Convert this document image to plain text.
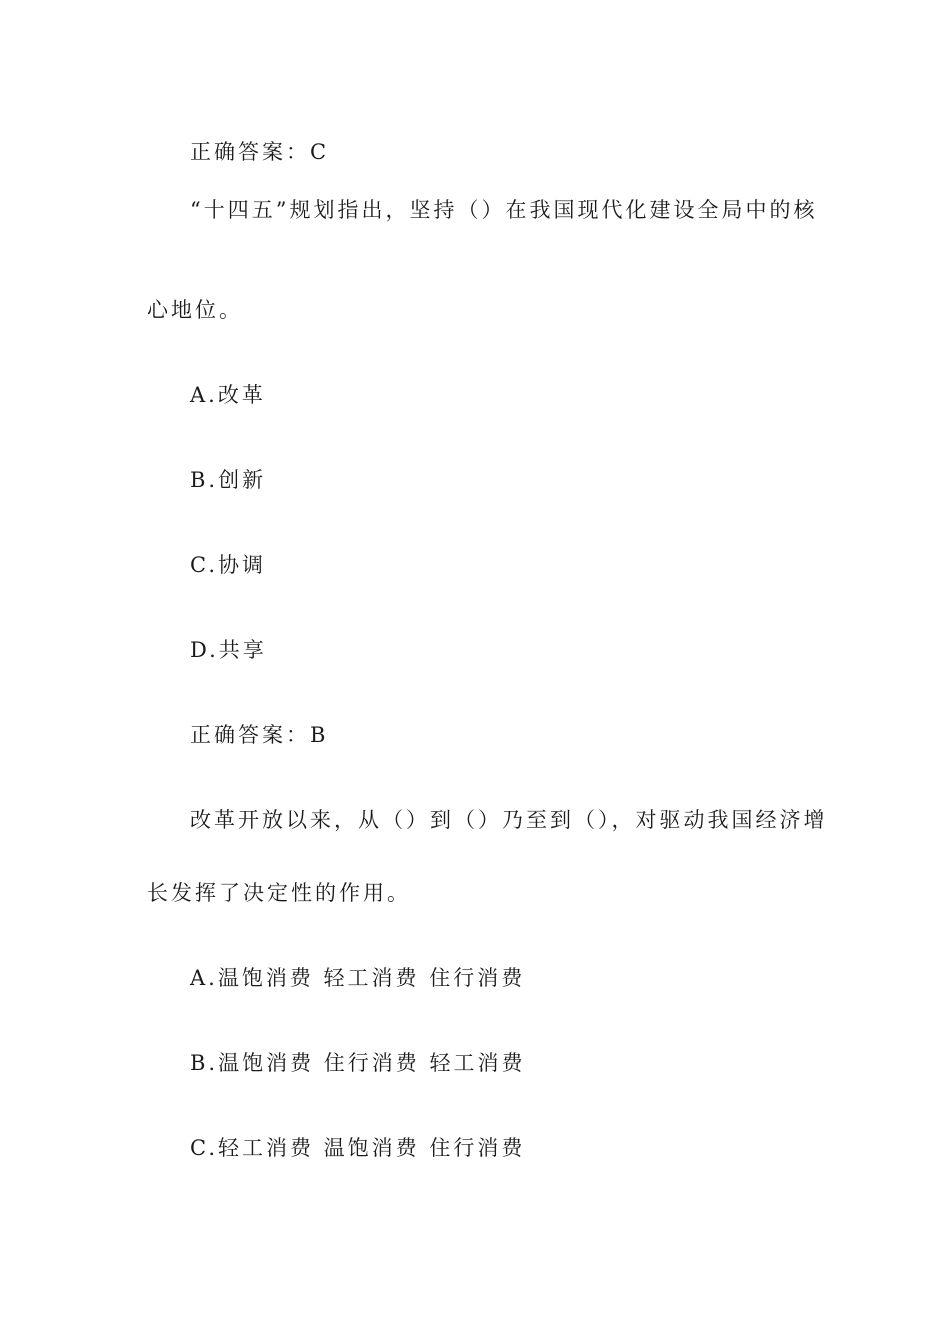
正确答案：C
“十四五”规划指出，坚持（）在我国现代化建设全局中的核
心地位。
A.改革
B.创新
C.协调
D.共享
正确答案：B
改革开放以来，从（）到（）乃至到（），对驱动我国经济增
长发挥了决定性的作用。
A.温饱消费 轻工消费 住行消费
B.温饱消费 住行消费 轻工消费
C.轻工消费 温饱消费 住行消费
